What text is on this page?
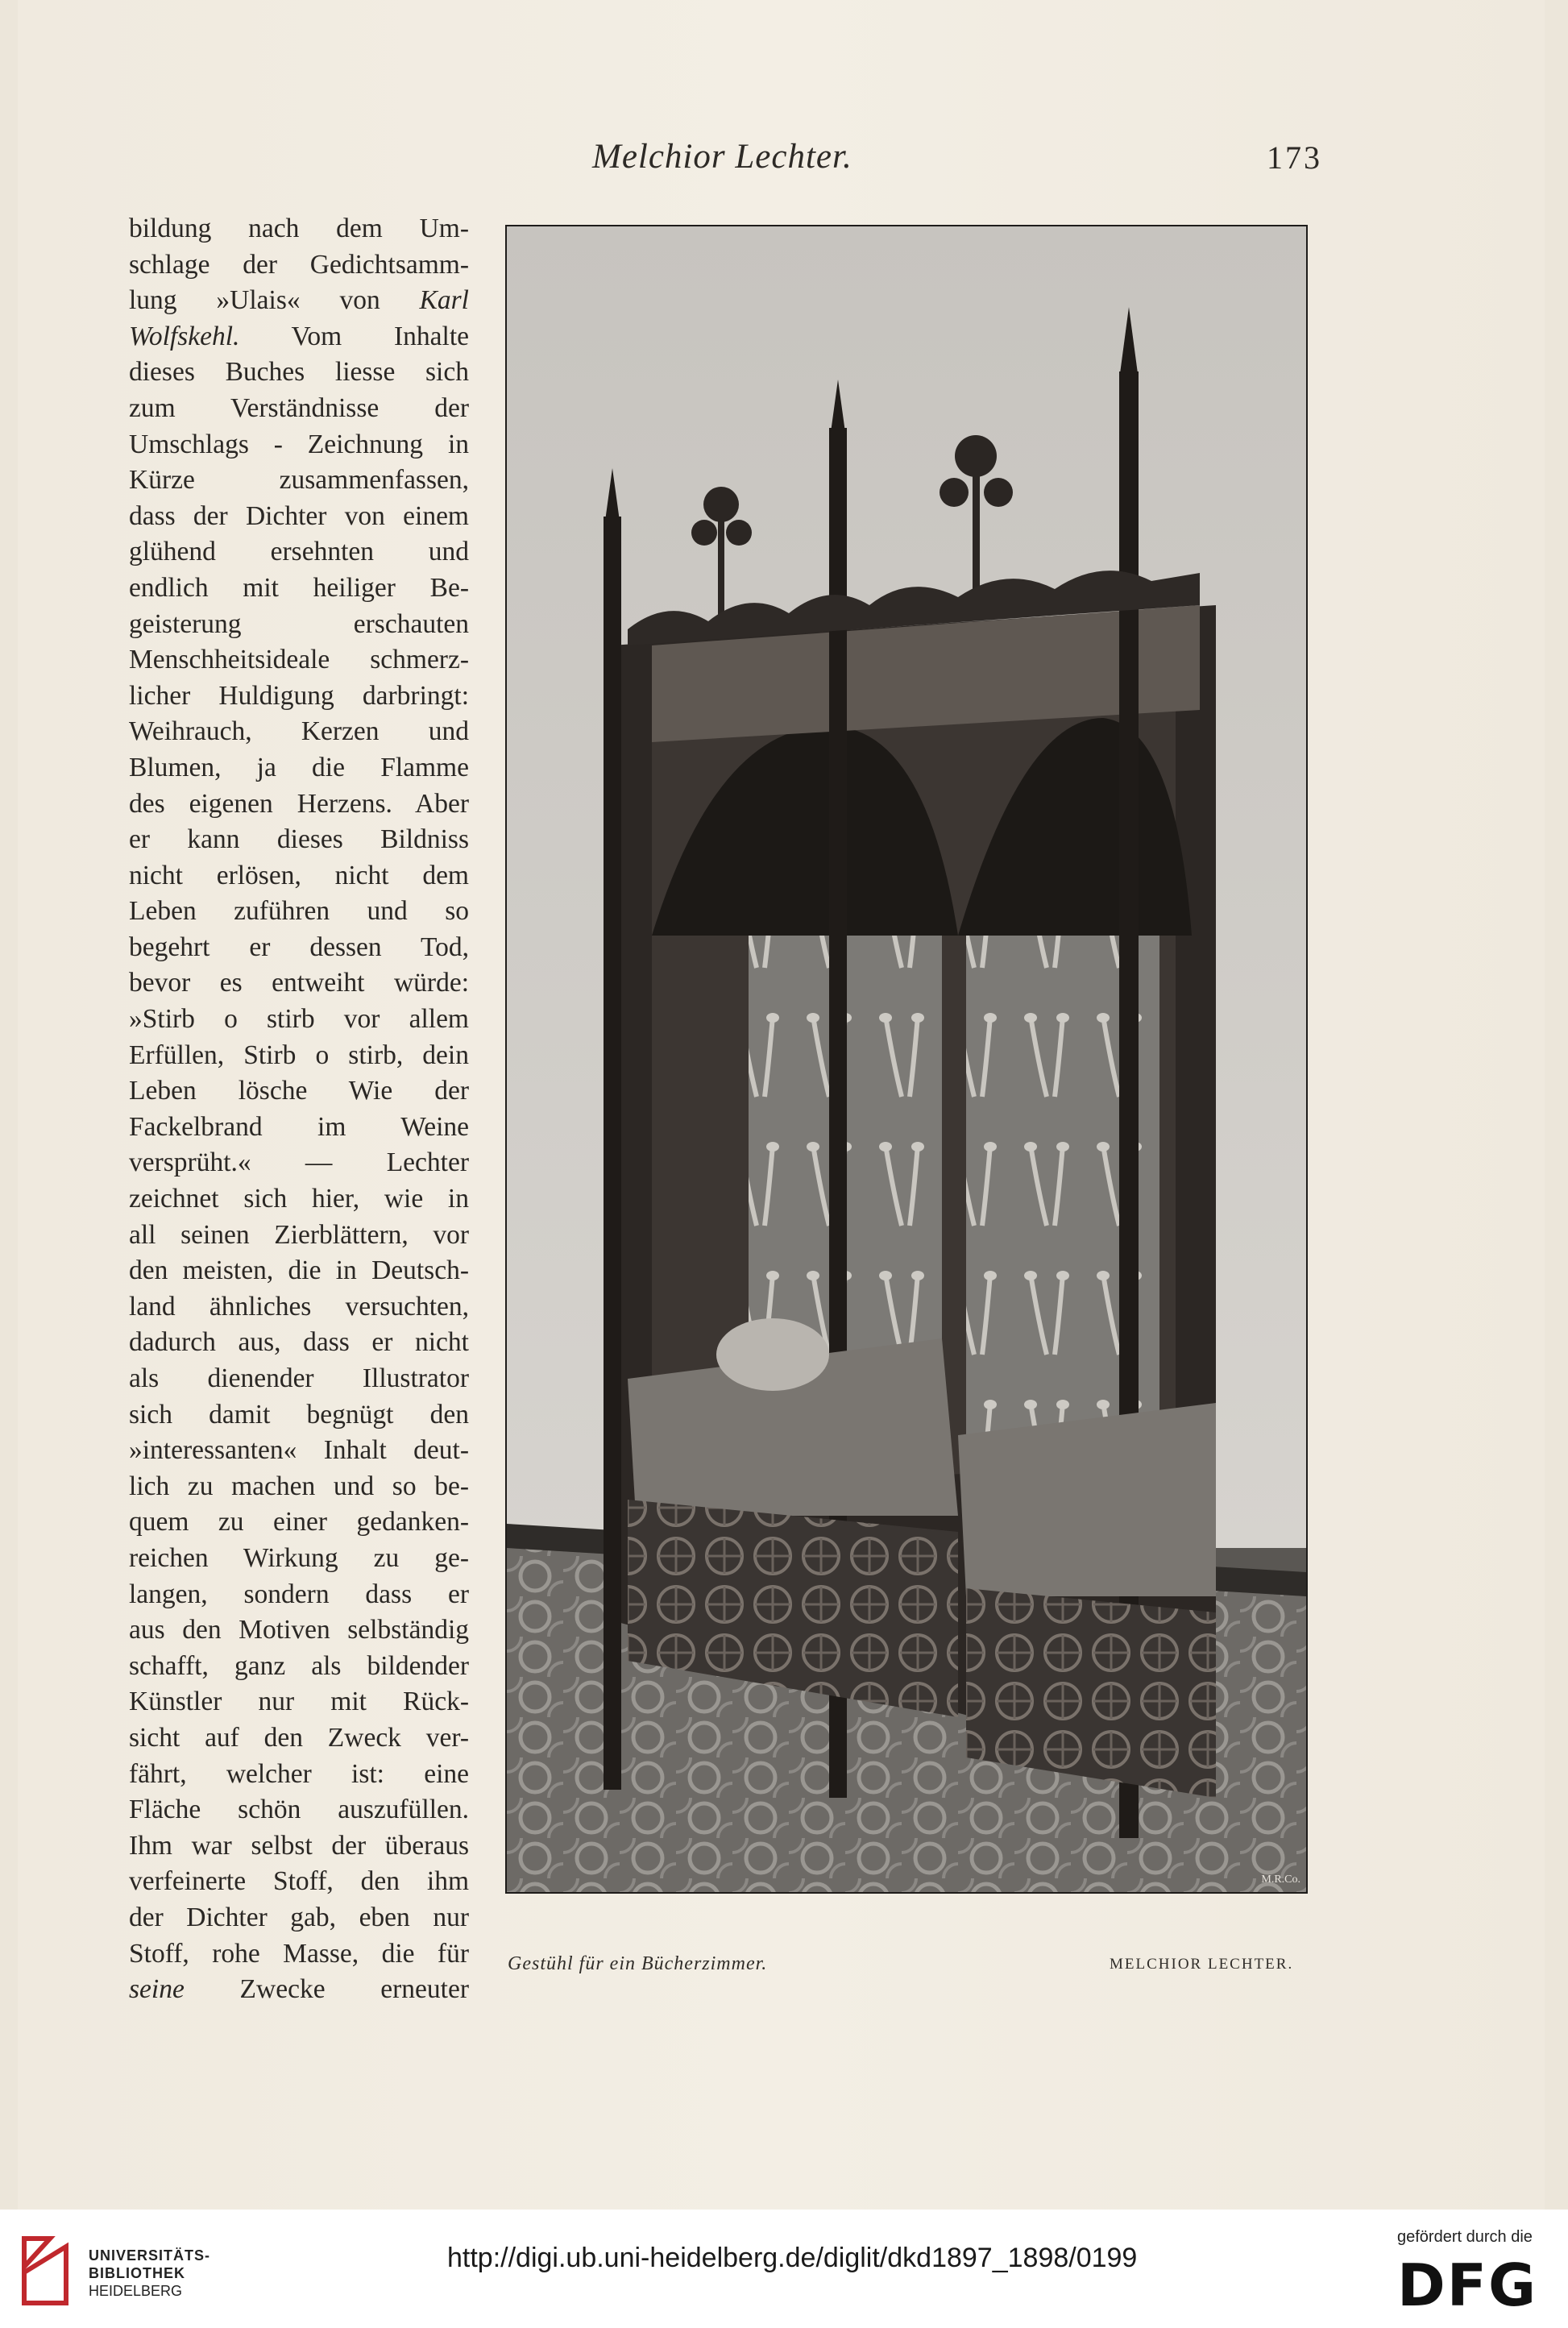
Melchior Lechter.	173
bildung nach dem Um-
schlage der Gedichtsamm-
lung »Ulais« von Karl
Wolfskehl. Vom Inhalte
dieses Buches liesse sich
zum Verständnisse der
Umschlags - Zeichnung in
Kürze zusammenfassen,
dass der Dichter von einem
glühend ersehnten und
endlich mit heiliger Be-
geisterung erschauten
Menschheitsideale schmerz-
licher Huldigung darbringt:
Weihrauch, Kerzen und
Blumen, ja die Flamme
des eigenen Herzens. Aber
er kann dieses Bildniss
nicht erlösen, nicht dem
Leben zuführen und so
begehrt er dessen Tod,
bevor es entweiht würde:
»Stirb o stirb vor allem
Erfüllen, Stirb o stirb, dein
Leben lösche Wie der
Fackelbrand im Weine
versprüht.« — Lechter
zeichnet sich hier, wie in
all seinen Zierblättern, vor
den meisten, die in Deutsch-
land ähnliches versuchten,
dadurch aus, dass er nicht
als dienender Illustrator
sich damit begnügt den
»interessanten« Inhalt deut-
lich zu machen und so be-
quem zu einer gedanken-
reichen Wirkung zu ge-
langen, sondern dass er
aus den Motiven selbständig
schafft, ganz als bildender
Künstler nur mit Rück-
sicht auf den Zweck ver-
fährt, welcher ist: eine
Fläche schön auszufüllen.
Ihm war selbst der überaus
verfeinerte Stoff, den ihm
der Dichter gab, eben nur
Stoff, rohe Masse, die für
seine Zwecke erneuter
M.R.Co.
Gestühl für ein Bücherzimmer.	MELCHIOR LECHTER.
UNIVERSITÄTS-
BIBLIOTHEK
HEIDELBERG
http://digi.ub.uni-heidelberg.de/diglit/dkd1897_1898/0199
gefördert durch die
DFG
